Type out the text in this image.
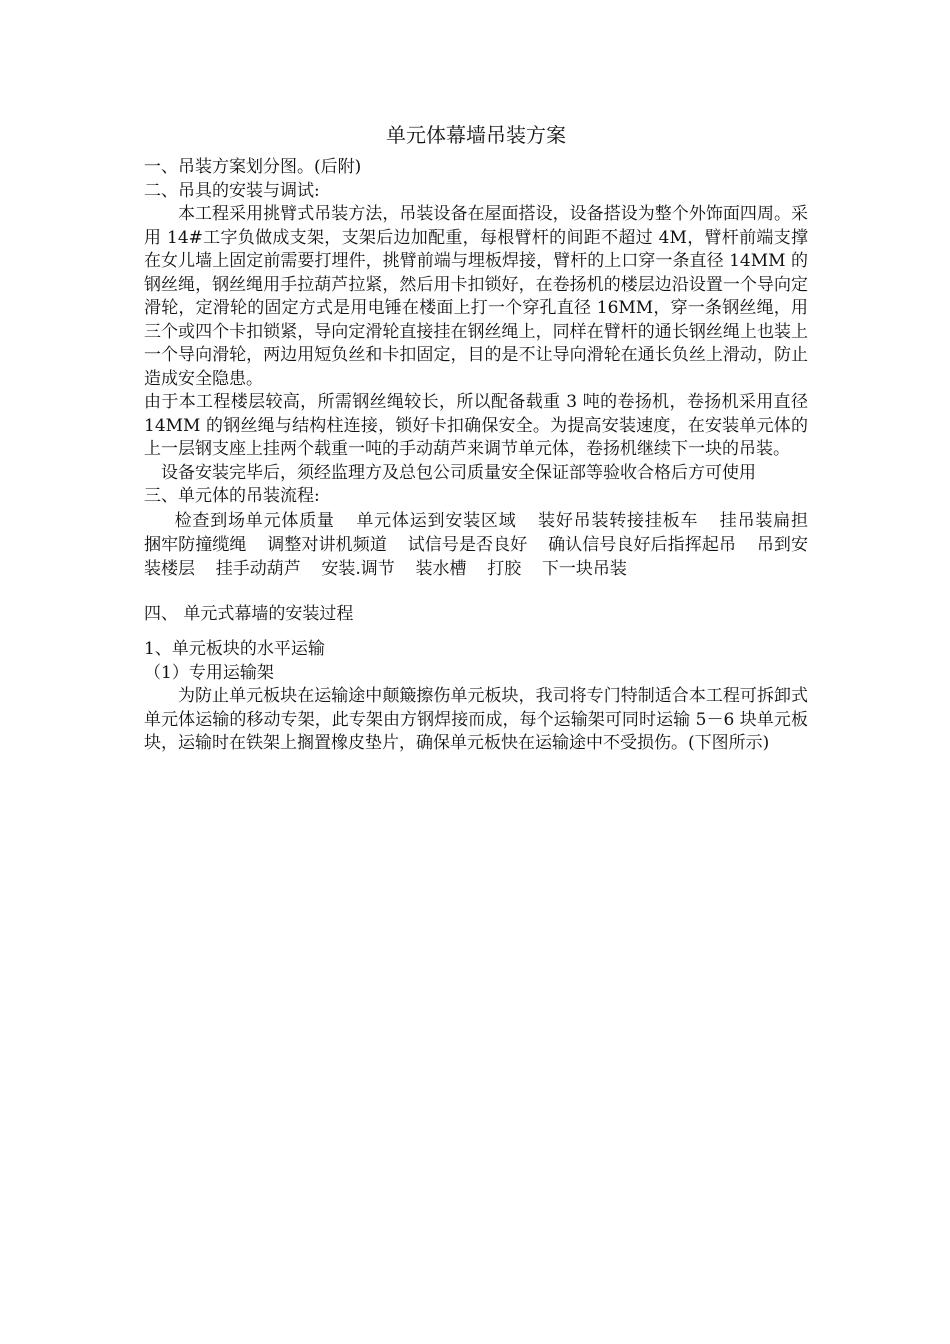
单元体幕墙吊装方案

一、吊装方案划分图。(后附)

二、吊具的安装与调试:

本工程采用挑臂式吊装方法，吊装设备在屋面搭设，设备搭设为整个外饰面四周。采用 14#工字负做成支架，支架后边加配重，每根臂杆的间距不超过 4M，臂杆前端支撑在女儿墙上固定前需要打埋件，挑臂前端与埋板焊接，臂杆的上口穿一条直径 14MM 的钢丝绳，钢丝绳用手拉葫芦拉紧，然后用卡扣锁好，在卷扬机的楼层边沿设置一个导向定滑轮，定滑轮的固定方式是用电锤在楼面上打一个穿孔直径 16MM，穿一条钢丝绳，用三个或四个卡扣锁紧，导向定滑轮直接挂在钢丝绳上，同样在臂杆的通长钢丝绳上也装上一个导向滑轮，两边用短负丝和卡扣固定，目的是不让导向滑轮在通长负丝上滑动，防止造成安全隐患。

由于本工程楼层较高，所需钢丝绳较长，所以配备载重 3 吨的卷扬机，卷扬机采用直径 14MM 的钢丝绳与结构柱连接，锁好卡扣确保安全。为提高安装速度，在安装单元体的上一层钢支座上挂两个载重一吨的手动葫芦来调节单元体，卷扬机继续下一块的吊装。

设备安装完毕后，须经监理方及总包公司质量安全保证部等验收合格后方可使用

三、单元体的吊装流程:

检查到场单元体质量 单元体运到安装区域 装好吊装转接挂板车 挂吊装扁担 捆牢防撞缆绳 调整对讲机频道 试信号是否良好 确认信号良好后指挥起吊 吊到安装楼层 挂手动葫芦 安装.调节 装水槽 打胶 下一块吊装

四、 单元式幕墙的安装过程

1、单元板块的水平运输

（1）专用运输架

为防止单元板块在运输途中颠簸擦伤单元板块，我司将专门特制适合本工程可拆卸式单元体运输的移动专架，此专架由方钢焊接而成，每个运输架可同时运输 5－6 块单元板块，运输时在铁架上搁置橡皮垫片，确保单元板快在运输途中不受损伤。(下图所示)
